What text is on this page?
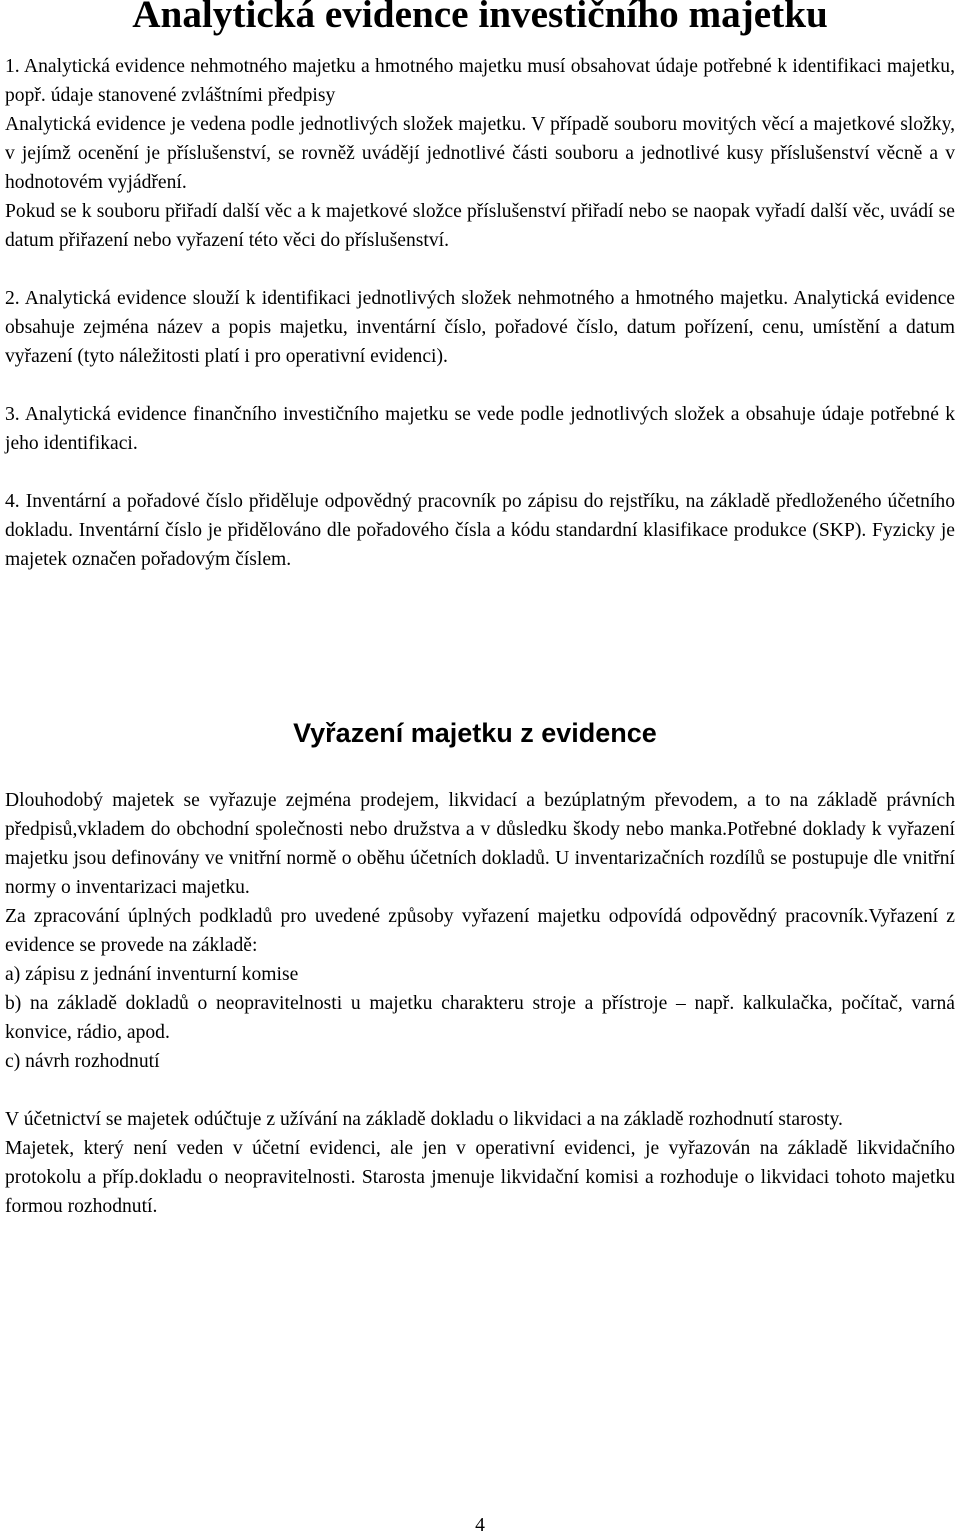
Analytická evidence investičního majetku

1. Analytická evidence nehmotného majetku a hmotného majetku musí obsahovat údaje potřebné k identifikaci majetku, popř. údaje stanovené zvláštními předpisy

Analytická evidence je vedena podle jednotlivých složek majetku. V případě souboru movitých věcí a majetkové složky, v jejímž ocenění je příslušenství, se rovněž uvádějí jednotlivé části souboru a jednotlivé kusy příslušenství věcně a v hodnotovém vyjádření.

Pokud se k souboru přiřadí další věc a k majetkové složce příslušenství přiřadí nebo se naopak vyřadí další věc, uvádí se datum přiřazení nebo vyřazení této věci do příslušenství.

2. Analytická evidence slouží k identifikaci jednotlivých složek nehmotného a hmotného majetku. Analytická evidence obsahuje zejména název a popis majetku, inventární číslo, pořadové číslo, datum pořízení, cenu, umístění a datum vyřazení (tyto náležitosti platí i pro operativní evidenci).

3. Analytická evidence finančního investičního majetku se vede podle jednotlivých složek a obsahuje údaje potřebné k jeho identifikaci.

4. Inventární a pořadové číslo přiděluje odpovědný pracovník po zápisu do rejstříku, na základě předloženého účetního dokladu. Inventární číslo je přidělováno dle pořadového čísla a kódu standardní klasifikace produkce (SKP). Fyzicky je majetek označen pořadovým číslem.

Vyřazení majetku z evidence

Dlouhodobý majetek se vyřazuje zejména prodejem, likvidací a bezúplatným převodem, a to na základě právních předpisů,vkladem do obchodní společnosti nebo družstva a v důsledku škody nebo manka.Potřebné doklady k vyřazení majetku jsou definovány ve vnitřní normě o oběhu účetních dokladů. U inventarizačních rozdílů se postupuje dle vnitřní normy o inventarizaci majetku.

Za zpracování úplných podkladů pro uvedené způsoby vyřazení majetku odpovídá odpovědný pracovník.Vyřazení z evidence se provede na základě:

a) zápisu z jednání inventurní komise

b) na základě dokladů o neopravitelnosti u majetku charakteru stroje a přístroje – např. kalkulačka, počítač, varná konvice, rádio, apod.

c) návrh rozhodnutí

V účetnictví se majetek odúčtuje z užívání na základě dokladu o likvidaci a na základě rozhodnutí starosty.

Majetek, který není veden v účetní evidenci, ale jen v operativní evidenci, je vyřazován na základě likvidačního protokolu a příp.dokladu o neopravitelnosti. Starosta jmenuje likvidační komisi a rozhoduje o likvidaci tohoto majetku formou rozhodnutí.

4
